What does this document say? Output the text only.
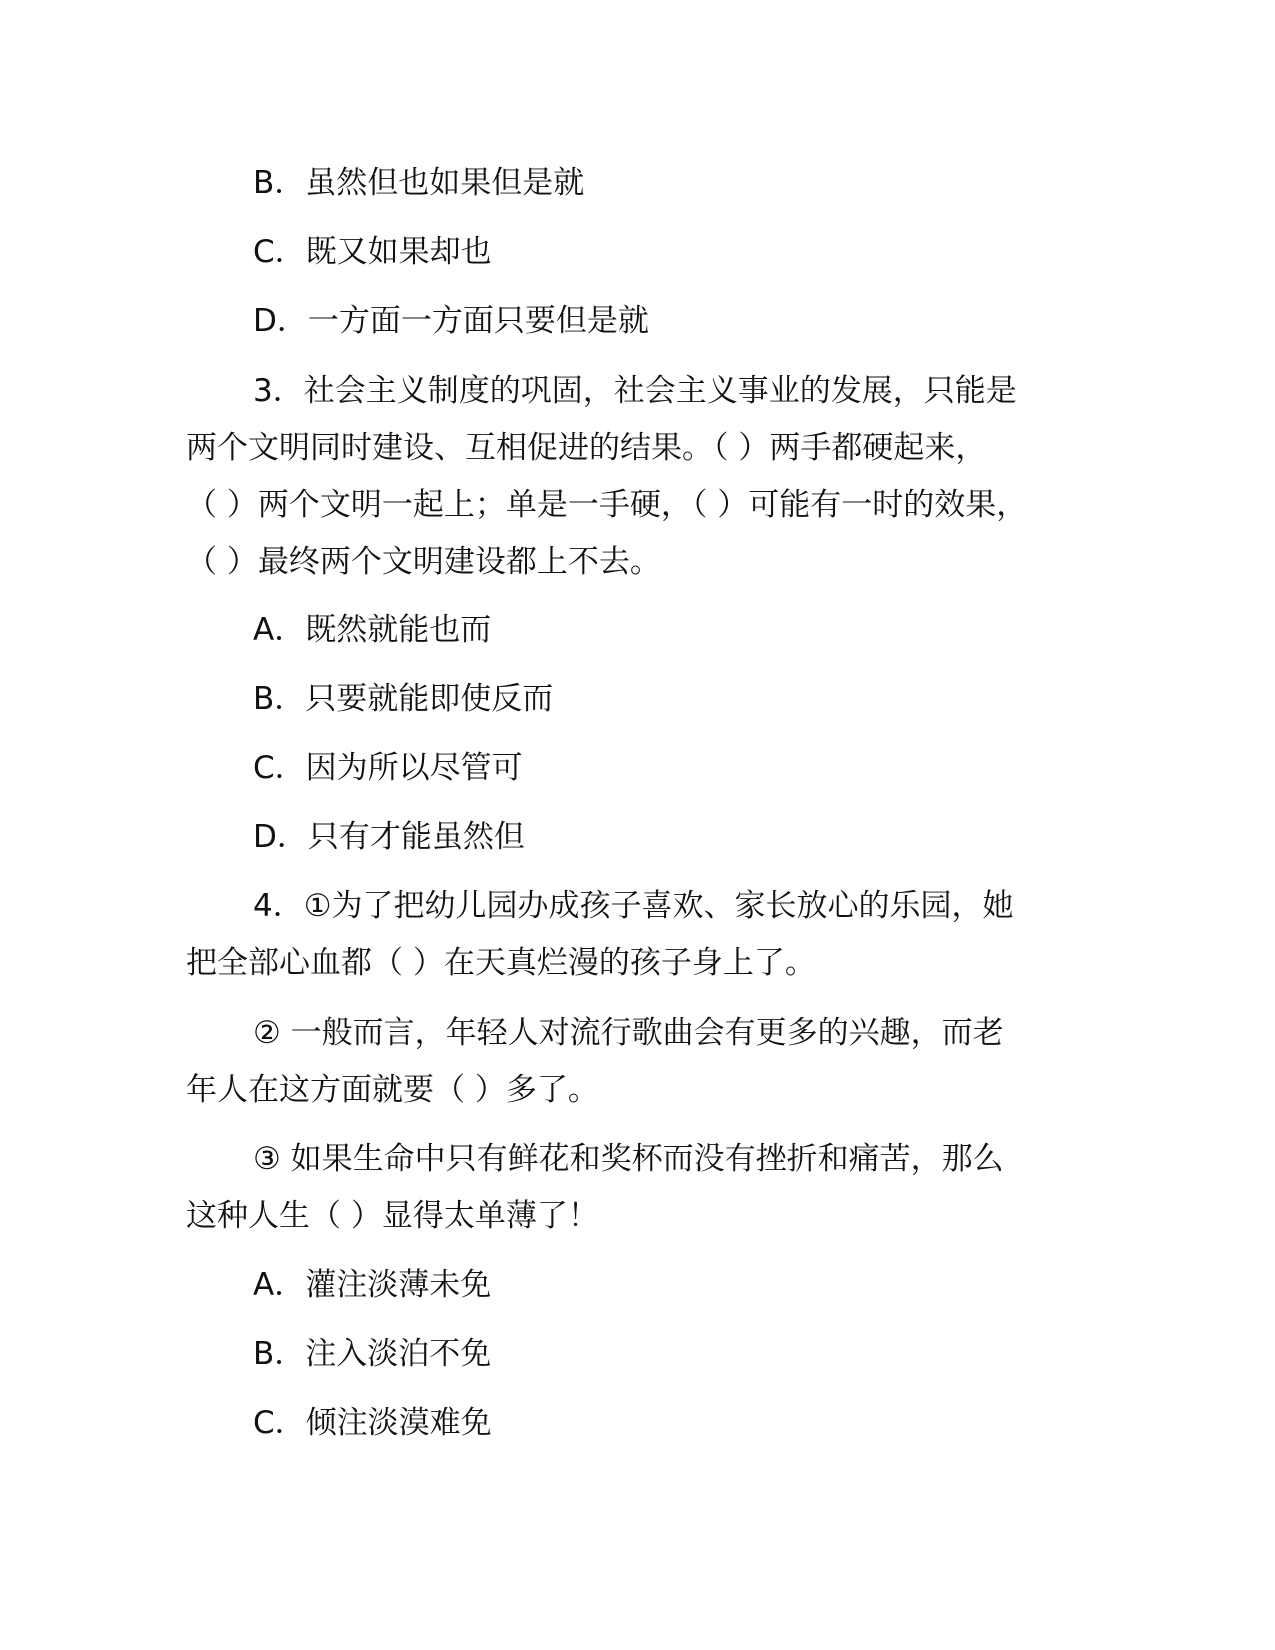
B．虽然但也如果但是就
C．既又如果却也
D．一方面一方面只要但是就
3．社会主义制度的巩固，社会主义事业的发展，只能是
两个文明同时建设、互相促进的结果。（ ）两手都硬起来，
（ ）两个文明一起上；单是一手硬，（ ）可能有一时的效果，
（ ）最终两个文明建设都上不去。
A．既然就能也而
B．只要就能即使反而
C．因为所以尽管可
D．只有才能虽然但
4．①为了把幼儿园办成孩子喜欢、家长放心的乐园，她
把全部心血都（ ）在天真烂漫的孩子身上了。
② 一般而言，年轻人对流行歌曲会有更多的兴趣，而老
年人在这方面就要（ ）多了。
③ 如果生命中只有鲜花和奖杯而没有挫折和痛苦，那么
这种人生（ ）显得太单薄了！
A．灌注淡薄未免
B．注入淡泊不免
C．倾注淡漠难免
